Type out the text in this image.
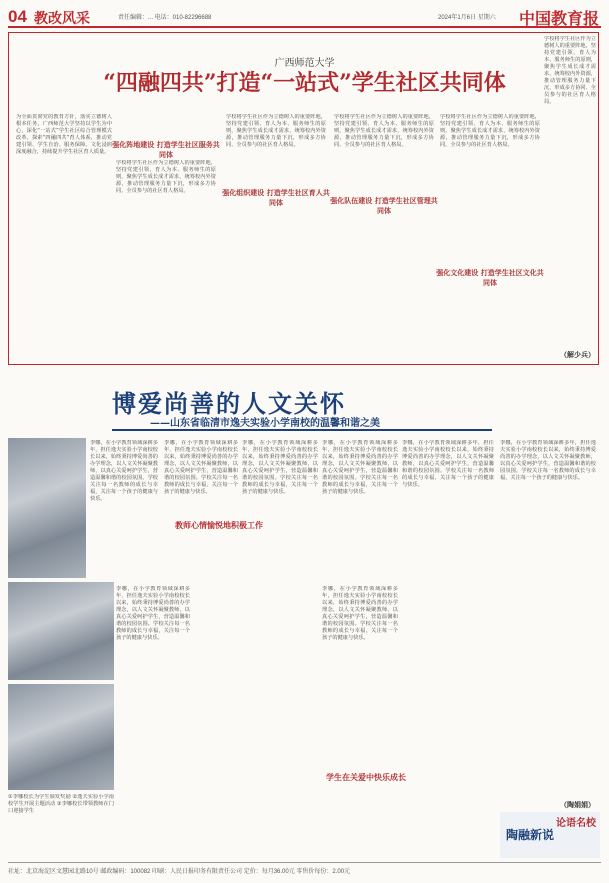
04 教改风采	责任编辑：... 电话：010-82296688	2024年1月6日 星期六 中国教育报
广西师范大学
“四融四共”打造“一站式”学生社区共同体
为全面贯彻党的教育方针，落实立德树人根本任务，广西师范大学坚持以学生为中心，深化“一站式”学生社区综合管理模式改革，探索“四融四共”育人体系，推动党建引领、学生自治、服务保障、文化浸润深度融合，持续提升学生社区育人质量。
强化阵地建设 打造学生社区服务共同体
学校将学生社区作为立德树人的重要阵地，坚持党建引领、育人为本、服务师生的原则，聚焦学生成长成才需求，统筹校内外资源，推动管理服务力量下沉，形成多方协同、全员参与的社区育人格局。	强化组织建设 打造学生社区育人共同体
学校将学生社区作为立德树人的重要阵地，坚持党建引领、育人为本、服务师生的原则，聚焦学生成长成才需求，统筹校内外资源，推动管理服务力量下沉，形成多方协同、全员参与的社区育人格局。
强化队伍建设 打造学生社区管理共同体
学校将学生社区作为立德树人的重要阵地，坚持党建引领、育人为本、服务师生的原则，聚焦学生成长成才需求，统筹校内外资源，推动管理服务力量下沉，形成多方协同、全员参与的社区育人格局。
强化文化建设 打造学生社区文化共同体
学校将学生社区作为立德树人的重要阵地，坚持党建引领、育人为本、服务师生的原则，聚焦学生成长成才需求，统筹校内外资源，推动管理服务力量下沉，形成多方协同、全员参与的社区育人格局。
学校将学生社区作为立德树人的重要阵地，坚持党建引领、育人为本、服务师生的原则，聚焦学生成长成才需求，统筹校内外资源，推动管理服务力量下沉，形成多方协同、全员参与的社区育人格局。
（解少兵）
博爱尚善的人文关怀
——山东省临清市逸夫实验小学南校的温馨和谐之美
①李娜校长为学生颁发奖励 ②逸夫实验小学南校学生开展主题活动 ③李娜校长带领教师在门口迎接学生
李娜，在小学教育领域深耕多年，担任逸夫实验小学南校校长以来，始终秉持博爱尚善的办学理念，以人文关怀凝聚教师，以真心关爱呵护学生，营造温馨和谐的校园氛围。学校关注每一名教师的成长与幸福，关注每一个孩子的健康与快乐。
李娜，在小学教育领域深耕多年，担任逸夫实验小学南校校长以来，始终秉持博爱尚善的办学理念，以人文关怀凝聚教师，以真心关爱呵护学生，营造温馨和谐的校园氛围。学校关注每一名教师的成长与幸福，关注每一个孩子的健康与快乐。
李娜，在小学教育领域深耕多年，担任逸夫实验小学南校校长以来，始终秉持博爱尚善的办学理念，以人文关怀凝聚教师，以真心关爱呵护学生，营造温馨和谐的校园氛围。学校关注每一名教师的成长与幸福，关注每一个孩子的健康与快乐。
教师心情愉悦地积极工作
李娜，在小学教育领域深耕多年，担任逸夫实验小学南校校长以来，始终秉持博爱尚善的办学理念，以人文关怀凝聚教师，以真心关爱呵护学生，营造温馨和谐的校园氛围。学校关注每一名教师的成长与幸福，关注每一个孩子的健康与快乐。
李娜，在小学教育领域深耕多年，担任逸夫实验小学南校校长以来，始终秉持博爱尚善的办学理念，以人文关怀凝聚教师，以真心关爱呵护学生，营造温馨和谐的校园氛围。学校关注每一名教师的成长与幸福，关注每一个孩子的健康与快乐。
学生在关爱中快乐成长
李娜，在小学教育领域深耕多年，担任逸夫实验小学南校校长以来，始终秉持博爱尚善的办学理念，以人文关怀凝聚教师，以真心关爱呵护学生，营造温馨和谐的校园氛围。学校关注每一名教师的成长与幸福，关注每一个孩子的健康与快乐。
李娜，在小学教育领域深耕多年，担任逸夫实验小学南校校长以来，始终秉持博爱尚善的办学理念，以人文关怀凝聚教师，以真心关爱呵护学生，营造温馨和谐的校园氛围。学校关注每一名教师的成长与幸福，关注每一个孩子的健康与快乐。
李娜，在小学教育领域深耕多年，担任逸夫实验小学南校校长以来，始终秉持博爱尚善的办学理念，以人文关怀凝聚教师，以真心关爱呵护学生，营造温馨和谐的校园氛围。学校关注每一名教师的成长与幸福，关注每一个孩子的健康与快乐。
（陶娟娟）
陶融新说
论语名校
社址：北京海淀区文慧园北路10号 邮政编码：100082 印刷：人民日报印务有限责任公司 定价：每月36.00元 零售价每份：2.00元
